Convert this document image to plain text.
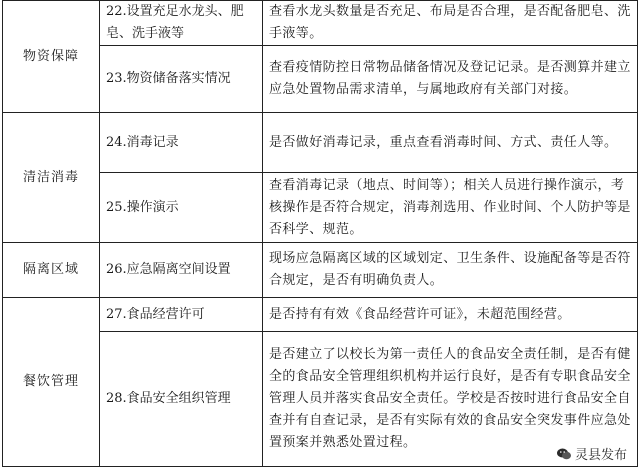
物资保障	22.设置充足水龙头、肥皂、洗手液等	查看水龙头数量是否充足、布局是否合理，是否配备肥皂、洗手液等。
	23.物资储备落实情况	查看疫情防控日常物品储备情况及登记记录。是否测算并建立应急处置物品需求清单，与属地政府有关部门对接。
清洁消毒	24.消毒记录	是否做好消毒记录，重点查看消毒时间、方式、责任人等。
	25.操作演示	查看消毒记录（地点、时间等）；相关人员进行操作演示，考核操作是否符合规定，消毒剂选用、作业时间、个人防护等是否科学、规范。
隔离区域	26.应急隔离空间设置	现场应急隔离区域的区域划定、卫生条件、设施配备等是否符合规定，是否有明确负责人。
餐饮管理	27.食品经营许可	是否持有有效《食品经营许可证》，未超范围经营。
	28.食品安全组织管理	是否建立了以校长为第一责任人的食品安全责任制，是否有健全的食品安全管理组织机构并运行良好，是否有专职食品安全管理人员并落实食品安全责任。学校是否按时进行食品安全自查并有自查记录，是否有实际有效的食品安全突发事件应急处置预案并熟悉处置过程。
灵县发布
